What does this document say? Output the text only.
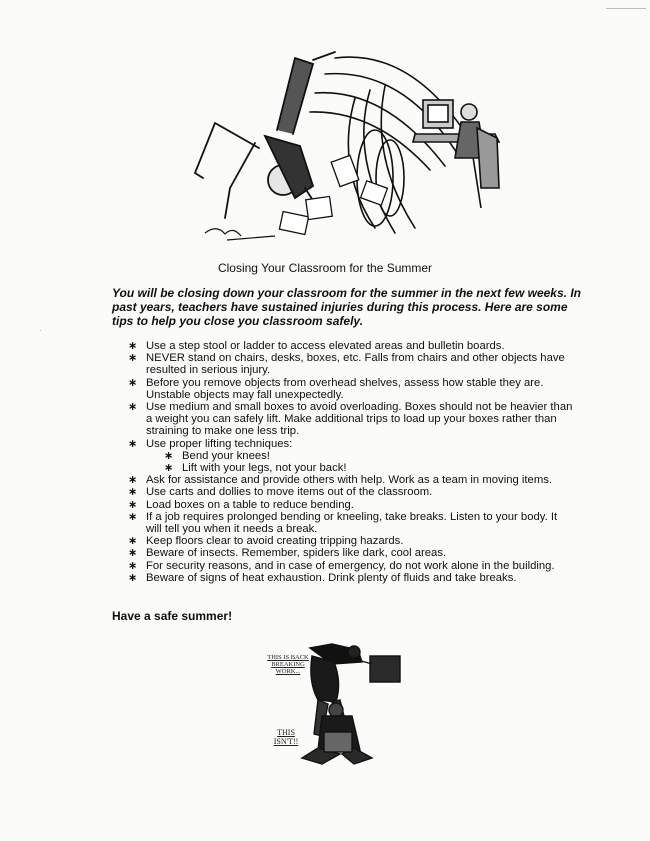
Closing Your Classroom for the Summer
You will be closing down your classroom for the summer in the next few weeks. In past years, teachers have sustained injuries during this process. Here are some tips to help you close you classroom safely.
∗ Use a step stool or ladder to access elevated areas and bulletin boards.
∗ NEVER stand on chairs, desks, boxes, etc. Falls from chairs and other objects have resulted in serious injury.
∗ Before you remove objects from overhead shelves, assess how stable they are. Unstable objects may fall unexpectedly.
∗ Use medium and small boxes to avoid overloading. Boxes should not be heavier than a weight you can safely lift. Make additional trips to load up your boxes rather than straining to make one less trip.
∗ Use proper lifting techniques:
∗ Bend your knees!
∗ Lift with your legs, not your back!
∗ Ask for assistance and provide others with help. Work as a team in moving items.
∗ Use carts and dollies to move items out of the classroom.
∗ Load boxes on a table to reduce bending.
∗ If a job requires prolonged bending or kneeling, take breaks. Listen to your body. It will tell you when it needs a break.
∗ Keep floors clear to avoid creating tripping hazards.
∗ Beware of insects. Remember, spiders like dark, cool areas.
∗ For security reasons, and in case of emergency, do not work alone in the building.
∗ Beware of signs of heat exhaustion. Drink plenty of fluids and take breaks.
Have a safe summer!
THIS IS BACK BREAKING WORK...
THIS ISN'T!!
